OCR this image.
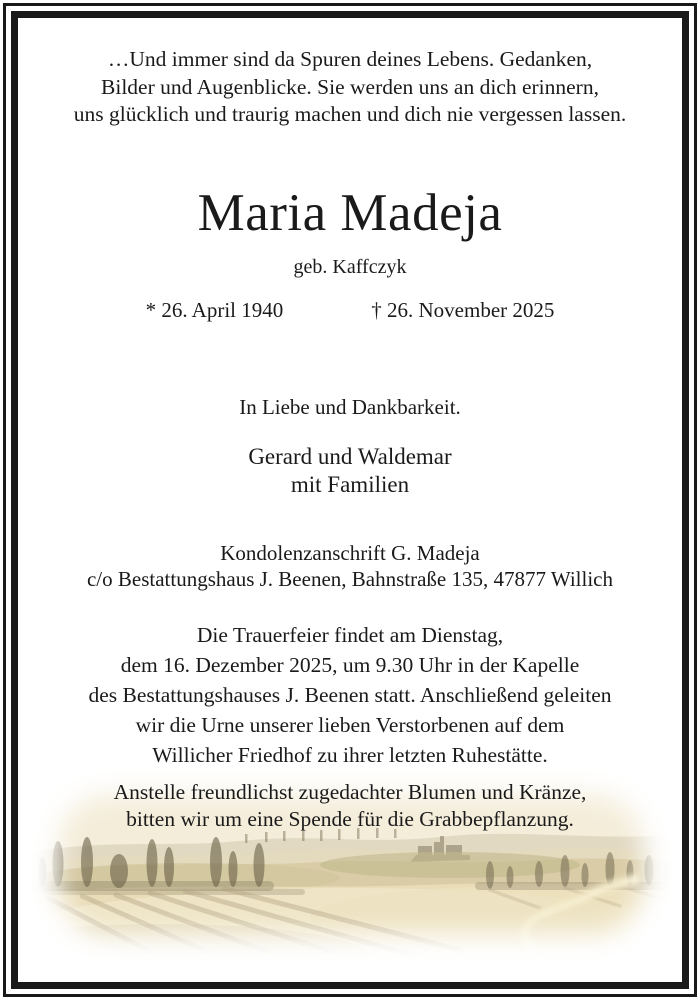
…Und immer sind da Spuren deines Lebens. Gedanken,
Bilder und Augenblicke. Sie werden uns an dich erinnern,
uns glücklich und traurig machen und dich nie vergessen lassen.
Maria Madeja
geb. Kaffczyk
* 26. April 1940	† 26. November 2025
In Liebe und Dankbarkeit.
Gerard und Waldemar
mit Familien
Kondolenzanschrift G. Madeja
c/o Bestattungshaus J. Beenen, Bahnstraße 135, 47877 Willich
Die Trauerfeier findet am Dienstag,
dem 16. Dezember 2025, um 9.30 Uhr in der Kapelle
des Bestattungshauses J. Beenen statt. Anschließend geleiten
wir die Urne unserer lieben Verstorbenen auf dem
Willicher Friedhof zu ihrer letzten Ruhestätte.
Anstelle freundlichst zugedachter Blumen und Kränze,
bitten wir um eine Spende für die Grabbepflanzung.
